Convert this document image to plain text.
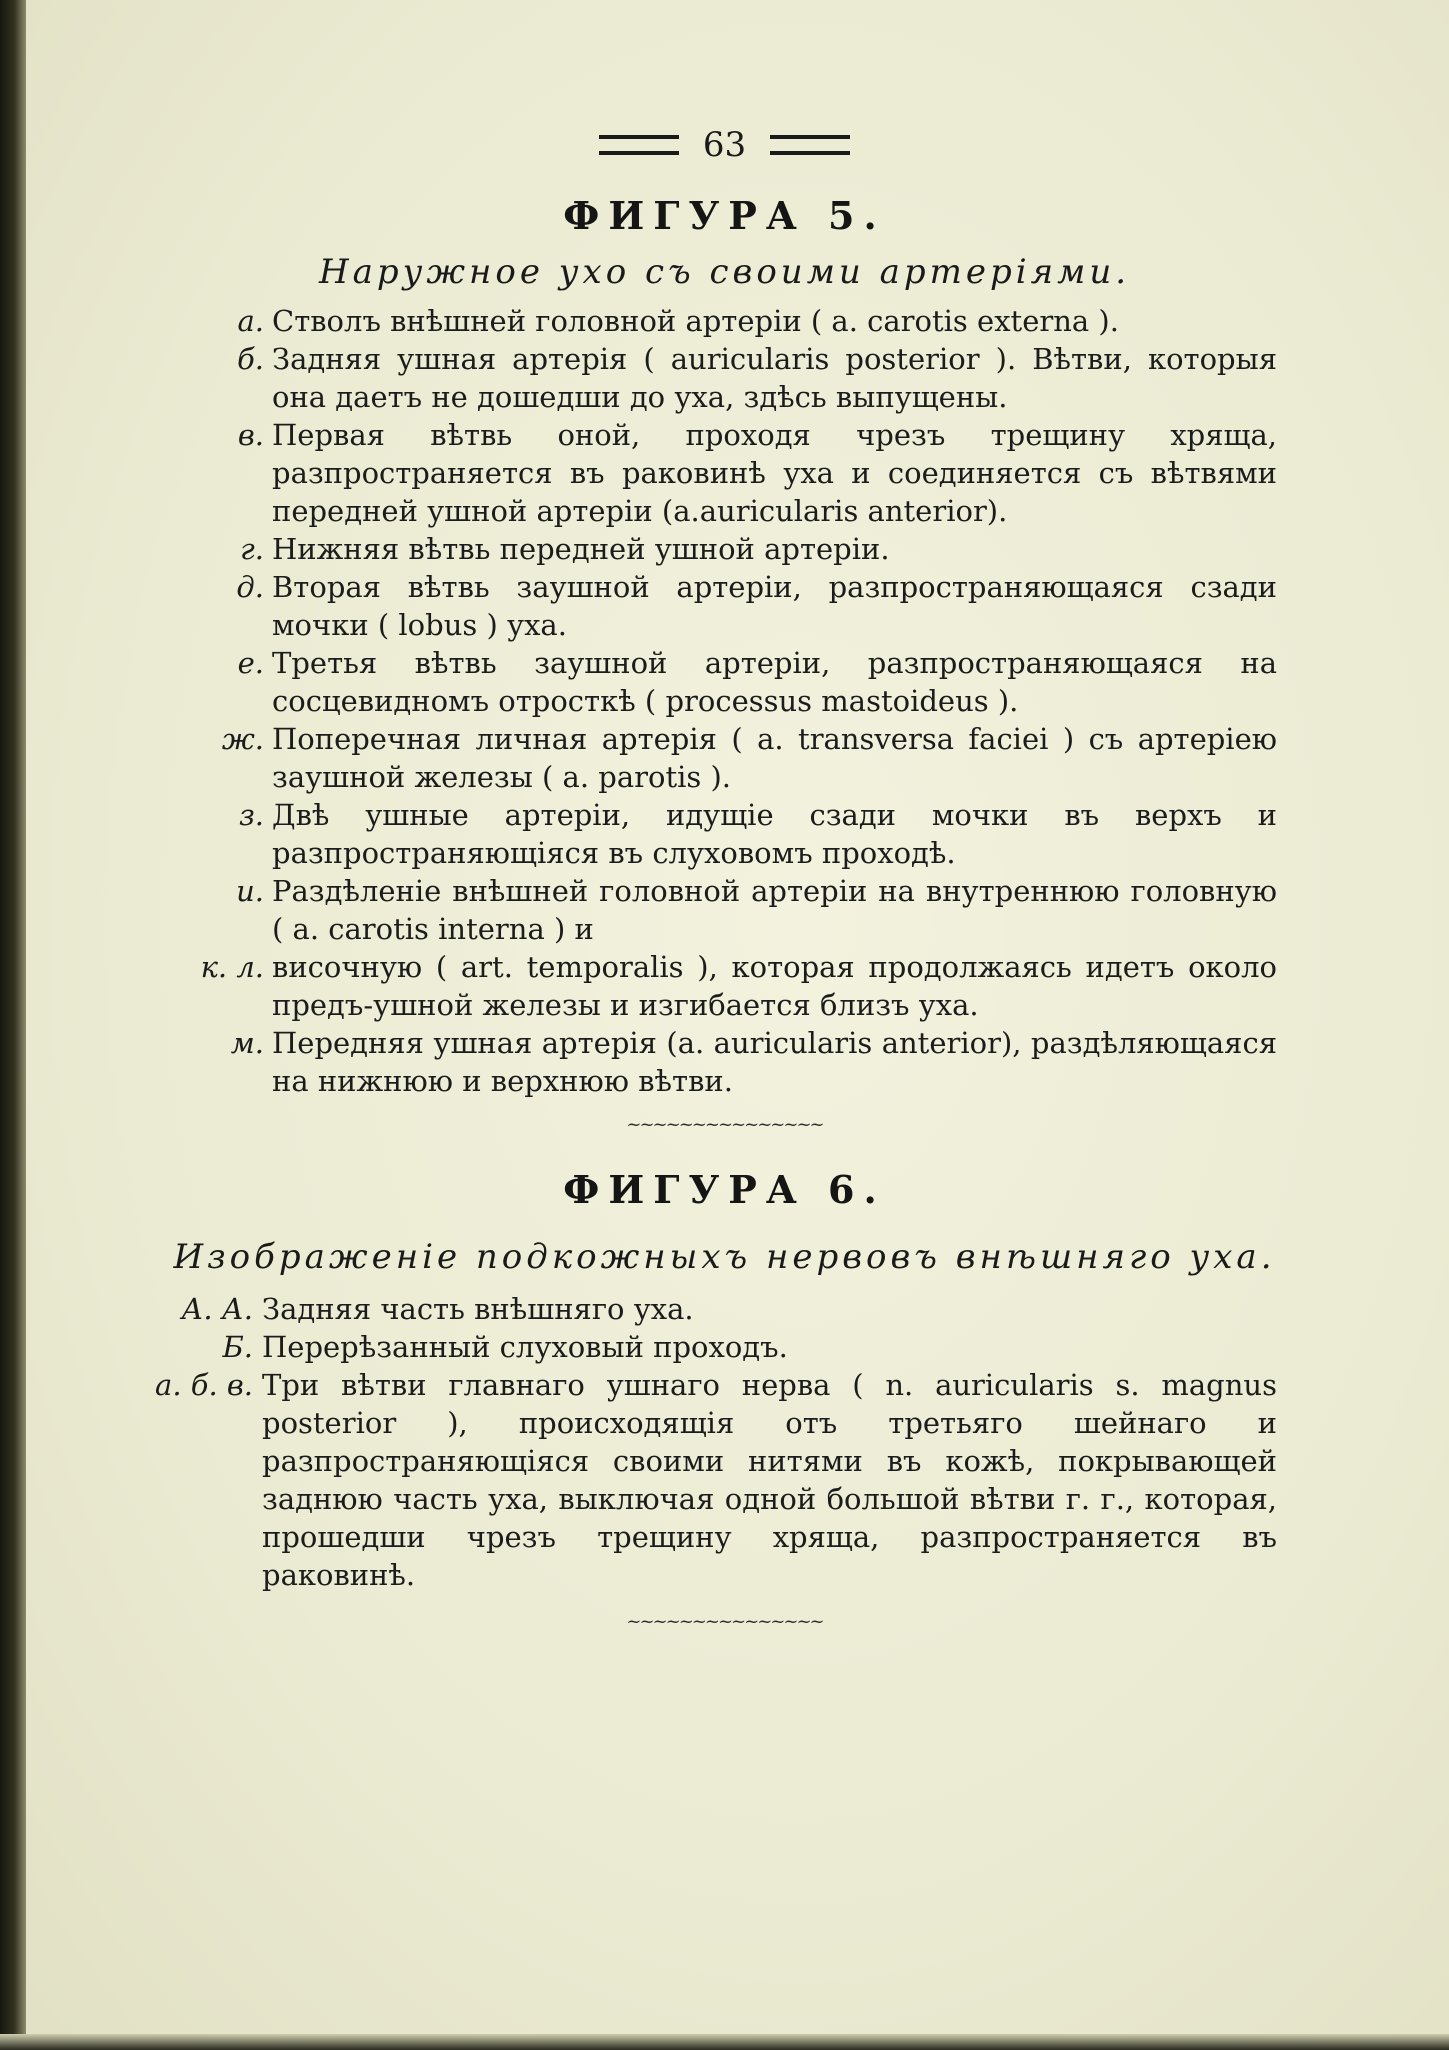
63
ФИГУРА 5.
Наружное ухо съ своими артеріями.
а. Стволъ внѣшней головной артеріи ( a. carotis externa ).
б. Задняя ушная артерія ( auricularis posterior ). Вѣтви, которыя она даетъ не дошедши до уха, здѣсь выпущены.
в. Первая вѣтвь оной, проходя чрезъ трещину хряща, разпространяется въ раковинѣ уха и соединяется съ вѣтвями передней ушной артеріи (a.auricularis anterior).
г. Нижняя вѣтвь передней ушной артеріи.
д. Вторая вѣтвь заушной артеріи, разпространяющаяся сзади мочки ( lobus ) уха.
е. Третья вѣтвь заушной артеріи, разпространяющаяся на сосцевидномъ отросткѣ ( processus mastoideus ).
ж. Поперечная личная артерія ( a. transversa faciei ) съ артеріею заушной железы ( a. parotis ).
з. Двѣ ушные артеріи, идущіе сзади мочки въ верхъ и разпространяющіяся въ слуховомъ проходѣ.
и. Раздѣленіе внѣшней головной артеріи на внутреннюю головную ( a. carotis interna ) и
к. л. височную ( art. temporalis ), которая продолжаясь идетъ около предъ-ушной железы и изгибается близъ уха.
м. Передняя ушная артерія (a. auricularis anterior), раздѣляющаяся на нижнюю и верхнюю вѣтви.
~~~~~~~~~~~~~~~
ФИГУРА 6.
Изображеніе подкожныхъ нервовъ внѣшняго уха.
А. А. Задняя часть внѣшняго уха.
Б. Перерѣзанный слуховый проходъ.
а. б. в. Три вѣтви главнаго ушнаго нерва ( n. auricularis s. magnus posterior ), происходящія отъ третьяго шейнаго и разпространяющіяся своими нитями въ кожѣ, покрывающей заднюю часть уха, выключая одной большой вѣтви г. г., которая, прошедши чрезъ трещину хряща, разпространяется въ раковинѣ.
~~~~~~~~~~~~~~~
